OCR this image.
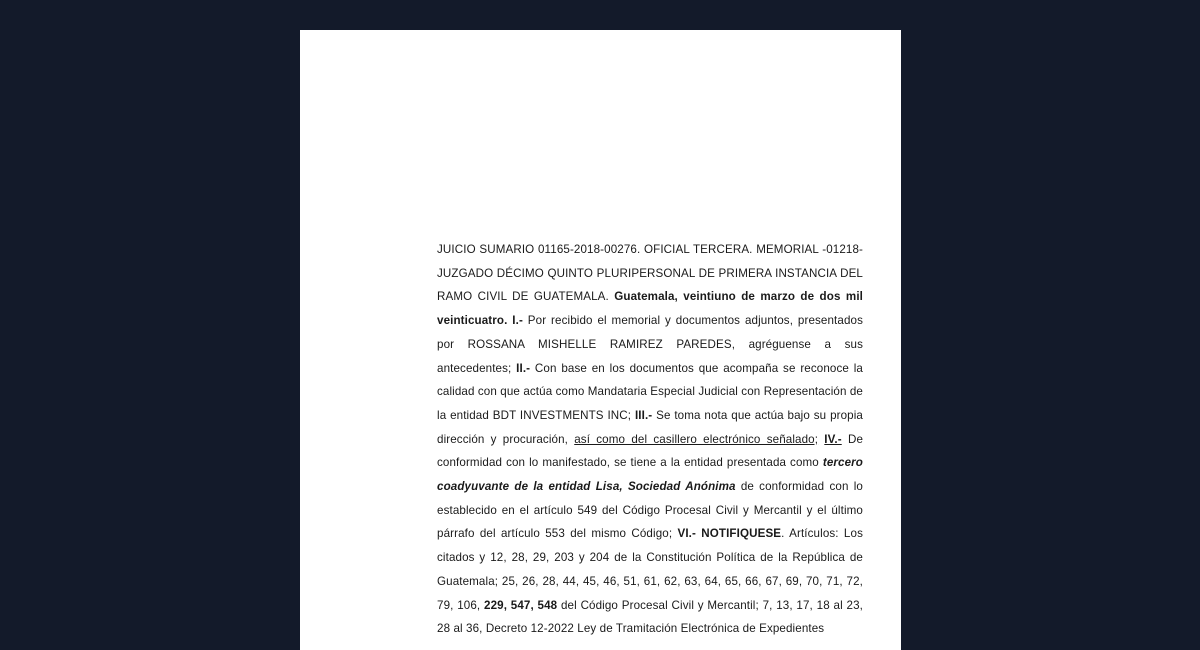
JUICIO SUMARIO 01165-2018-00276. OFICIAL TERCERA. MEMORIAL -01218- JUZGADO DÉCIMO QUINTO PLURIPERSONAL DE PRIMERA INSTANCIA DEL RAMO CIVIL DE GUATEMALA. Guatemala, veintiuno de marzo de dos mil veinticuatro. I.- Por recibido el memorial y documentos adjuntos, presentados por ROSSANA MISHELLE RAMIREZ PAREDES, agréguense a sus antecedentes; II.- Con base en los documentos que acompaña se reconoce la calidad con que actúa como Mandataria Especial Judicial con Representación de la entidad BDT INVESTMENTS INC; III.- Se toma nota que actúa bajo su propia dirección y procuración, así como del casillero electrónico señalado; IV.- De conformidad con lo manifestado, se tiene a la entidad presentada como tercero coadyuvante de la entidad Lisa, Sociedad Anónima de conformidad con lo establecido en el artículo 549 del Código Procesal Civil y Mercantil y el último párrafo del artículo 553 del mismo Código; VI.- NOTIFIQUESE. Artículos: Los citados y 12, 28, 29, 203 y 204 de la Constitución Política de la República de Guatemala; 25, 26, 28, 44, 45, 46, 51, 61, 62, 63, 64, 65, 66, 67, 69, 70, 71, 72, 79, 106, 229, 547, 548 del Código Procesal Civil y Mercantil; 7, 13, 17, 18 al 23, 28 al 36, Decreto 12-2022 Ley de Tramitación Electrónica de Expedientes
